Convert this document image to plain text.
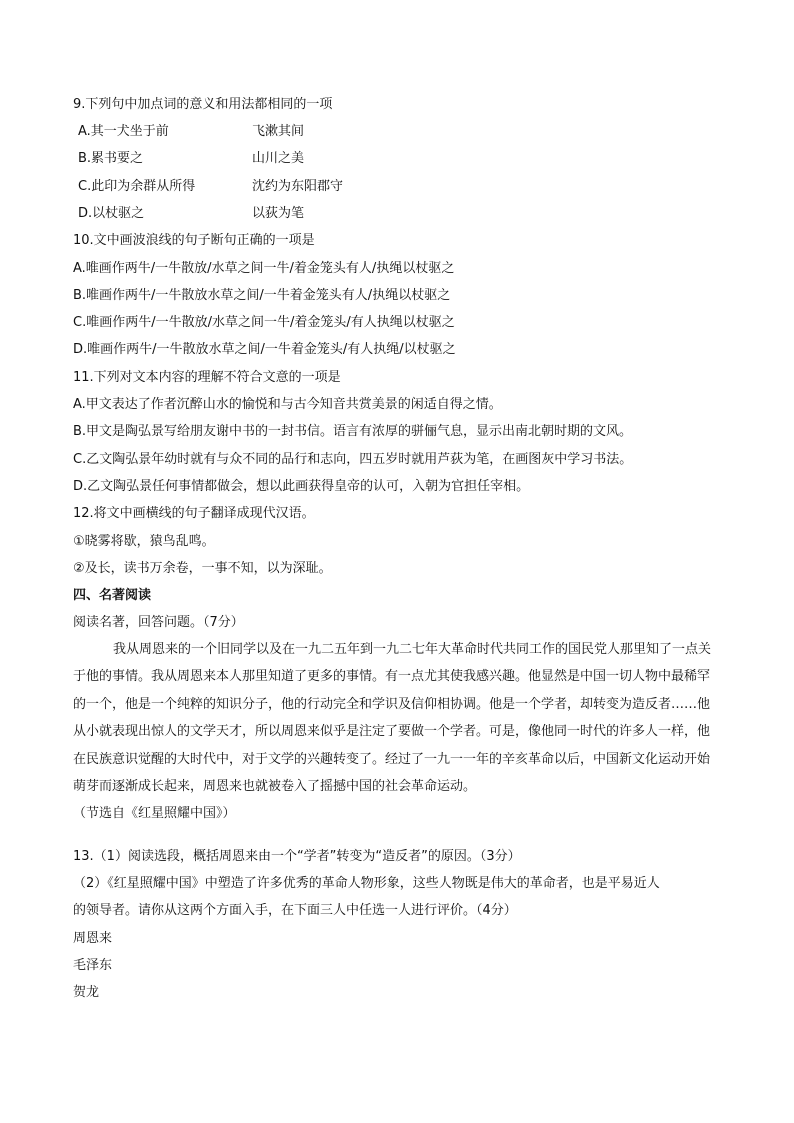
9.下列句中加点词的意义和用法都相同的一项
A.其一犬坐于前	飞漱其间
B.累书要之	山川之美
C.此印为余群从所得	沈约为东阳郡守
D.以杖驱之	以荻为笔
10.文中画波浪线的句子断句正确的一项是
A.唯画作两牛/一牛散放/水草之间一牛/着金笼头有人/执绳以杖驱之
B.唯画作两牛/一牛散放水草之间/一牛着金笼头有人/执绳以杖驱之
C.唯画作两牛/一牛散放/水草之间一牛/着金笼头/有人执绳以杖驱之
D.唯画作两牛/一牛散放水草之间/一牛着金笼头/有人执绳/以杖驱之
11.下列对文本内容的理解不符合文意的一项是
A.甲文表达了作者沉醉山水的愉悦和与古今知音共赏美景的闲适自得之情。
B.甲文是陶弘景写给朋友谢中书的一封书信。语言有浓厚的骈俪气息，显示出南北朝时期的文风。
C.乙文陶弘景年幼时就有与众不同的品行和志向，四五岁时就用芦荻为笔，在画图灰中学习书法。
D.乙文陶弘景任何事情都做会，想以此画获得皇帝的认可，入朝为官担任宰相。
12.将文中画横线的句子翻译成现代汉语。
①晓雾将歇，猿鸟乱鸣。
②及长，读书万余卷，一事不知，以为深耻。
四、名著阅读
阅读名著，回答问题。（7分）
我从周恩来的一个旧同学以及在一九二五年到一九二七年大革命时代共同工作的国民党人那里知了一点关于他的事情。我从周恩来本人那里知道了更多的事情。有一点尤其使我感兴趣。他显然是中国一切人物中最稀罕的一个，他是一个纯粹的知识分子，他的行动完全和学识及信仰相协调。他是一个学者，却转变为造反者……他从小就表现出惊人的文学天才，所以周恩来似乎是注定了要做一个学者。可是，像他同一时代的许多人一样，他在民族意识觉醒的大时代中，对于文学的兴趣转变了。经过了一九一一年的辛亥革命以后，中国新文化运动开始萌芽而逐渐成长起来，周恩来也就被卷入了摇撼中国的社会革命运动。
（节选自《红星照耀中国》）
13.（1）阅读选段，概括周恩来由一个“学者”转变为“造反者”的原因。（3分）
（2）《红星照耀中国》中塑造了许多优秀的革命人物形象，这些人物既是伟大的革命者，也是平易近人
的领导者。请你从这两个方面入手，在下面三人中任选一人进行评价。（4分）
周恩来
毛泽东
贺龙
